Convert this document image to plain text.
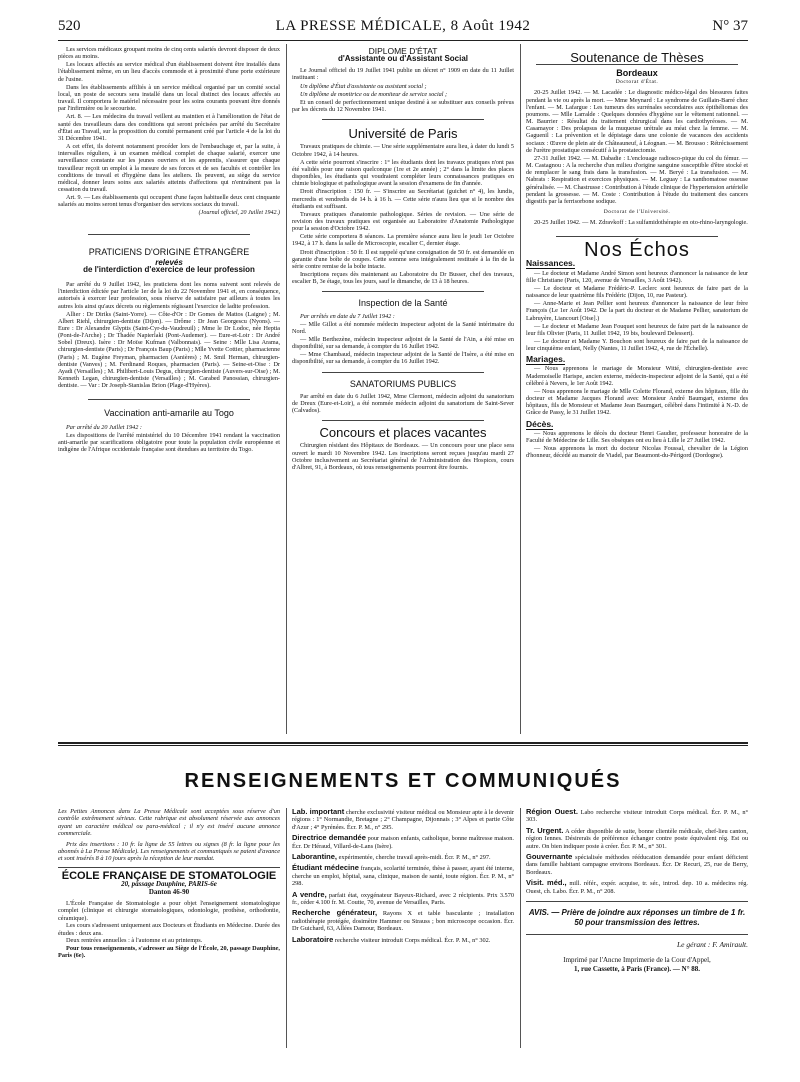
520	LA PRESSE MÉDICALE, 8 Août 1942	N° 37

Les services médicaux groupant moins de cinq cents salariés devront disposer de deux pièces au moins.

Les locaux affectés au service médical d'un établissement doivent être installés dans l'établissement même, en un lieu d'accès commode et à proximité d'une porte extérieure de l'usine.

Dans les établissements affiliés à un service médical organisé par un comité social local, un poste de secours sera installé dans un local distinct des locaux affectés au travail. Il comportera le matériel nécessaire pour les soins courants pouvant être donnés par l'infirmière ou le secouriste.

Art. 8. — Les médecins du travail veillent au maintien et à l'amélioration de l'état de santé des travailleurs dans des conditions qui seront précisées par arrêté du Secrétaire d'État au Travail, sur la proposition du comité permanent créé par l'article 4 de la loi du 31 Décembre 1941.

A cet effet, ils doivent notamment procéder lors de l'embauchage et, par la suite, à intervalles réguliers, à un examen médical complet de chaque salarié, exercer une surveillance constante sur les jeunes ouvriers et les apprentis, s'assurer que chaque travailleur reçoit un emploi à la mesure de ses forces et de ses facultés et contrôler les conditions de travail et d'hygiène dans les ateliers. Ils peuvent, au siège du service médical, donner leurs soins aux salariés atteints d'affections qui n'entraînent pas la cessation du travail.

Art. 9. — Les établissements qui occupent d'une façon habituelle deux cent cinquante salariés au moins seront tenus d'organiser des services sociaux du travail.

(Journal officiel, 20 Juillet 1942.)
PRATICIENS D'ORIGINE ÉTRANGÈRE
relevés
de l'interdiction d'exercice de leur profession

Par arrêté du 9 Juillet 1942, les praticiens dont les noms suivent sont relevés de l'interdiction édictée par l'article 1er de la loi du 22 Novembre 1941 et, en conséquence, autorisés à exercer leur profession, sous réserve de satisfaire par ailleurs à toutes les autres lois ainsi qu'aux décrets ou règlements régissant l'exercice de ladite profession.

Allier : Dr Diriks (Saint-Yorre). — Côte-d'Or : Dr Gomes de Mattos (Laigne) ; M. Albert Riehl, chirurgien-dentiste (Dijon). — Drôme : Dr Jean Georgescu (Nyons). — Eure : Dr Alexandre Glyptis (Saint-Cyr-du-Vaudreuil) ; Mme le Dr Lodoc, née Heptia (Pont-de-l'Arche) ; Dr Thadée Napierlaki (Pont-Audemer). — Eure-et-Loir : Dr André Sobel (Dreux). Isère : Dr Moïse Kufman (Valbonnais). — Seine : Mlle Lisa Arama, chirurgien-dentiste (Paris) ; Dr François Baup (Paris) ; Mlle Yvette Cottier, pharmacienne (Paris) ; M. Eugène Freyman, pharmacien (Asnières) ; M. Smil Herman, chirurgien-dentiste (Vanves) ; M. Ferdinand Roques, pharmacien (Paris). — Seine-et-Oise : Dr Ayadi (Versailles) ; M. Philibert-Louis Degus, chirurgien-dentiste (Auvers-sur-Oise) ; M. Kenneth Legan, chirurgien-dentiste (Versailles) ; M. Carabed Panossian, chirurgien-dentiste. — Var : Dr Joseph-Stanislas Brion (Plage-d'Hyères).

Vaccination anti-amarile au Togo

Par arrêté du 20 Juillet 1942 :

Les dispositions de l'arrêté ministériel du 10 Décembre 1941 rendant la vaccination anti-amarile par scarifications obligatoire pour toute la population civile européenne et indigène de l'Afrique occidentale française sont étendues au territoire du Togo.

DIPLOME D'ÉTAT
d'Assistante ou d'Assistant Social

Le Journal officiel du 19 Juillet 1941 publie un décret n° 1909 en date du 11 Juillet instituant :

Un diplôme d'État d'assistante ou assistant social ;

Un diplôme de monitrice ou de moniteur de service social ;

Et un conseil de perfectionnement unique destiné à se substituer aux conseils prévus par les décrets du 12 Novembre 1941.

Université de Paris

Travaux pratiques de chimie. — Une série supplémentaire aura lieu, à dater du lundi 5 Octobre 1942, à 14 heures.

A cette série pourront s'inscrire : 1° les étudiants dont les travaux pratiques n'ont pas été validés pour une raison quelconque (1re et 2e année) ; 2° dans la limite des places disponibles, les étudiants qui voudraient compléter leurs connaissances pratiques en chimie biologique et pathologique avant la session d'examens de fin d'année.

Droit d'inscription : 150 fr. — S'inscrire au Secrétariat (guichet n° 4), les lundis, mercredis et vendredis de 14 h. à 16 h. — Cette série n'aura lieu que si le nombre des étudiants est suffisant.

Travaux pratiques d'anatomie pathologique. Séries de revision. — Une série de revision des travaux pratiques est organisée au Laboratoire d'Anatomie Pathologique pour la session d'Octobre 1942.

Cette série comportera 8 séances. La première séance aura lieu le jeudi 1er Octobre 1942, à 17 h. dans la salle de Microscopie, escalier C, dernier étage.

Droit d'inscription : 50 fr. Il est rappelé qu'une consignation de 50 fr. est demandée en garantie d'une boîte de coupes. Cette somme sera intégralement restituée à la fin de la série contre remise de la boîte intacte.

Inscriptions reçues dès maintenant au Laboratoire du Dr Busser, chef des travaux, escalier B, 3e étage, tous les jours, sauf le dimanche, de 13 à 18 heures.

Inspection de la Santé

Par arrêtés en date du 7 Juillet 1942 :

— Mlle Gillot a été nommée médecin inspecteur adjoint de la Santé intérimaire du Nord.

— Mlle Berthezène, médecin inspecteur adjoint de la Santé de l'Ain, a été mise en disponibilité, sur sa demande, à compter du 16 Juillet 1942.

— Mme Chambaud, médecin inspecteur adjoint de la Santé de l'Isère, a été mise en disponibilité, sur sa demande, à compter du 16 Juillet 1942.

SANATORIUMS PUBLICS

Par arrêté en date du 6 Juillet 1942, Mme Clermont, médecin adjoint du sanatorium de Dreux (Eure-et-Loir), a été nommée médecin adjoint du sanatorium de Saint-Sever (Calvados).

Concours et places vacantes

Chirurgien résidant des Hôpitaux de Bordeaux. — Un concours pour une place sera ouvert le mardi 10 Novembre 1942. Les inscriptions seront reçues jusqu'au mardi 27 Octobre inclusivement au Secrétariat général de l'Administration des Hospices, cours d'Albret, 91, à Bordeaux, où tous renseignements pourront être fournis.

Soutenance de Thèses
Bordeaux
Doctorat d'État.

20-25 Juillet 1942. — M. Lacadée : Le diagnostic médico-légal des blessures faites pendant la vie ou après la mort. — Mme Meynard : Le syndrome de Guillain-Barré chez l'enfant. — M. Lafargue : Les tumeurs des surrénales secondaires aux épithéliomas des poumons. — Mlle Larralde : Quelques données d'hygiène sur le vêtement rationnel. — M. Baurrier : Résultat du traitement chirurgical dans les cardiothyréoses. — M. Casamayor : Des prolapsus de la muqueuse urétrale au méat chez la femme. — M. Gaguenil : La prévention et le dépistage dans une colonie de vacances des accidents sociaux : Œuvre de plein air de Châteauneuf, à Léognan. — M. Brousso : Rétrécissement de l'urètre prostatique consécutif à la prostatectomie.

27-31 Juillet 1942. — M. Dabadie : L'enclouage radiosco-pique du col du fémur. — M. Castagnou : A la recherche d'un milieu d'origine sanguine susceptible d'être stocké et de remplacer le sang frais dans la transfusion. — M. Beryé : La transfusion. — M. Nabrats : Respiration et exercices physiques. — M. Leguay : La xanthomatose osseuse généralisée. — M. Chastrusse : Contribution à l'étude clinique de l'hypertension artérielle pendant la grossesse. — M. Coste : Contribution à l'étude du traitement des cancers digestifs par la ferrisorbone sodique.

Doctorat de l'Université.

20-25 Juillet 1942. — M. Zdravkoff : La sulfamidothérapie en oto-rhino-laryngologie.

Nos Échos
Naissances.

— Le docteur et Madame André Simon sont heureux d'annoncer la naissance de leur fille Christiane (Paris, 120, avenue de Versailles, 3 Août 1942).

— Le docteur et Madame Frédéric-P. Leclerc sont heureux de faire part de la naissance de leur quatrième fils Frédéric (Dijon, 10, rue Pasteur).

— Anne-Marie et Jean Pellier sont heureux d'annoncer la naissance de leur frère François (Le 1er Août 1942. De la part du docteur et de Madame Pellier, sanatorium de Labruyère, Liancourt [Oise].)

— Le docteur et Madame Jean Fouquet sont heureux de faire part de la naissance de leur fils Olivier (Paris, 11 Juillet 1942, 19 bis, boulevard Delessert).

— Le docteur et Madame Y. Bouchon sont heureux de faire part de la naissance de leur cinquième enfant, Nelly (Nantes, 11 Juillet 1942, 4, rue de l'Échelle).

Mariages.

— Nous apprenons le mariage de Monsieur Witté, chirurgien-dentiste avec Mademoiselle Harispe, ancien externe, médecin-inspecteur adjoint de la Santé, qui a été célébré à Nevers, le 1er Août 1942.

— Nous apprenons le mariage de Mlle Colette Florand, externe des hôpitaux, fille du docteur et Madame Jacques Florand avec Monsieur André Baumgart, externe des hôpitaux, fils de Monsieur et Madame Jean Baumgart, célébré dans l'intimité à N.-D. de Grâce de Passy, le 31 Juillet 1942.

Décès.

— Nous apprenons le décès du docteur Henri Gaudier, professeur honoraire de la Faculté de Médecine de Lille. Ses obsèques ont eu lieu à Lille le 27 Juillet 1942.

— Nous apprenons la mort du docteur Nicolas Foussal, chevalier de la Légion d'honneur, décédé au manoir de Viadel, par Beaumont-du-Périgord (Dordogne).

RENSEIGNEMENTS ET COMMUNIQUÉS

Les Petites Annonces dans La Presse Médicale sont acceptées sous réserve d'un contrôle extrêmement sérieux. Cette rubrique est absolument réservée aux annonces ayant un caractère médical ou para-médical ; il n'y est inséré aucune annonce commerciale.

Prix des insertions : 10 fr. la ligne de 55 lettres ou signes (8 fr. la ligne pour les abonnés à La Presse Médicale). Les renseignements et communiqués se paient d'avance et sont insérés 8 à 10 jours après la réception de leur mandat.

ÉCOLE FRANÇAISE DE STOMATOLOGIE
20, passage Dauphine, PARIS-6e
Danton 46-90

L'École Française de Stomatologie a pour objet l'enseignement stomatologique complet (clinique et chirurgie stomatologiques, odontologie, prothèse, orthodontie, céramique).

Les cours s'adressent uniquement aux Docteurs et Étudiants en Médecine. Durée des études : deux ans.

Deux rentrées annuelles : à l'automne et au printemps.

Pour tous renseignements, s'adresser au Siège de l'École, 20, passage Dauphine, Paris (6e).

Lab. important cherche exclusivité visiteur médical ou Monsieur apte à le devenir régions : 1° Normandie, Bretagne ; 2° Champagne, Dijonnais ; 3° Alpes et partie Côte d'Azur ; 4° Pyrénées. Écr. P. M., n° 295.

Directrice demandée pour maison enfants, catholique, bonne maîtresse maison. Écr. Dr Héraud, Villard-de-Lans (Isère).

Laborantine, expérimentée, cherche travail après-midi. Écr. P. M., n° 297.

Étudiant médecine français, scolarité terminée, thèse à passer, ayant été interne, cherche un emploi, hôpital, sana, clinique, maison de santé, toute région. Écr. P. M., n° 298.

A vendre, parfait état, oxygénateur Bayeux-Richard, avec 2 récipients. Prix 3.570 fr., céder 4.100 fr. M. Coutte, 70, avenue de Versailles, Paris.

Recherche générateur, Rayons X et table basculante ; installation radiothérapie protégée, dosimètre Hammer ou Strauss ; bon microscope occasion. Écr. Dr Guichard, 63, Allées Damour, Bordeaux.

Laboratoire recherche visiteur introduit Corps médical. Écr. P. M., n° 302.

Région Ouest. Labo recherche visiteur introduit Corps médical. Écr. P. M., n° 303.

Tr. Urgent. A céder disponible de suite, bonne clientèle médicale, chef-lieu canton, région Iennes. Désireraïs de préférence échanger contre poste équivalent rég. Est ou autre. On bien indiquer poste à créer. Écr. P. M., n° 301.

Gouvernante spécialisée méthodes rééducation demandée pour enfant déficient dans famille habitant campagne environs Bordeaux. Écr. Dr Recuri, 25, rue de Berry, Bordeaux.

Visit. méd., mill. référ., expér. acquise, tr. sér., introd. dep. 10 a. médecins rég. Ouest, ch. Labo. Écr. P. M., n° 208.

AVIS. — Prière de joindre aux réponses un timbre de 1 fr. 50 pour transmission des lettres.
Le gérant : F. Amirault.
Imprimé par l'Ancne Imprimerie de la Cour d'Appel,
1, rue Cassette, à Paris (France). — N° 88.
